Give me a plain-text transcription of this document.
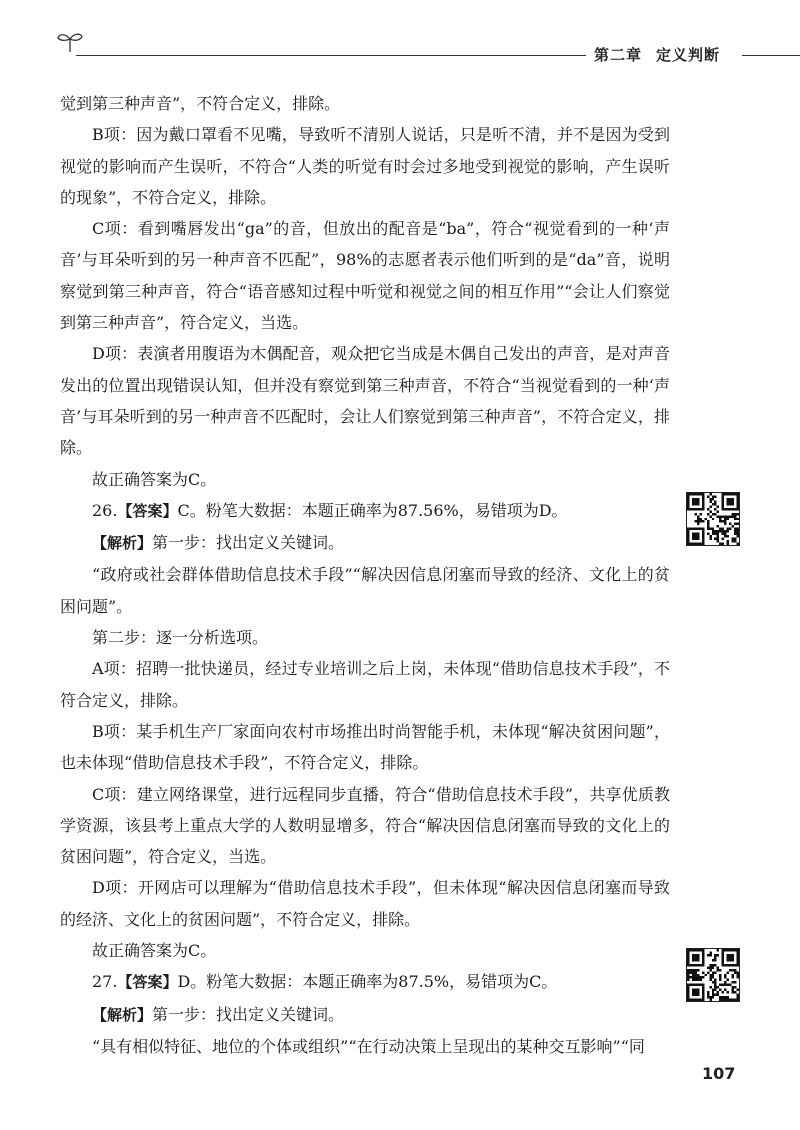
第二章 定义判断

觉到第三种声音”，不符合定义，排除。

B项：因为戴口罩看不见嘴，导致听不清别人说话，只是听不清，并不是因为受到视觉的影响而产生误听，不符合“人类的听觉有时会过多地受到视觉的影响，产生误听的现象”，不符合定义，排除。

C项：看到嘴唇发出“ga”的音，但放出的配音是“ba”，符合“视觉看到的一种‘声音’与耳朵听到的另一种声音不匹配”，98%的志愿者表示他们听到的是“da”音，说明察觉到第三种声音，符合“语音感知过程中听觉和视觉之间的相互作用”“会让人们察觉到第三种声音”，符合定义，当选。

D项：表演者用腹语为木偶配音，观众把它当成是木偶自己发出的声音，是对声音发出的位置出现错误认知，但并没有察觉到第三种声音，不符合“当视觉看到的一种‘声音’与耳朵听到的另一种声音不匹配时，会让人们察觉到第三种声音”，不符合定义，排除。

故正确答案为C。

26.【答案】C。粉笔大数据：本题正确率为87.56%，易错项为D。

【解析】第一步：找出定义关键词。

“政府或社会群体借助信息技术手段”“解决因信息闭塞而导致的经济、文化上的贫困问题”。

第二步：逐一分析选项。

A项：招聘一批快递员，经过专业培训之后上岗，未体现“借助信息技术手段”，不符合定义，排除。

B项：某手机生产厂家面向农村市场推出时尚智能手机，未体现“解决贫困问题”，也未体现“借助信息技术手段”，不符合定义，排除。

C项：建立网络课堂，进行远程同步直播，符合“借助信息技术手段”，共享优质教学资源，该县考上重点大学的人数明显增多，符合“解决因信息闭塞而导致的文化上的贫困问题”，符合定义，当选。

D项：开网店可以理解为“借助信息技术手段”，但未体现“解决因信息闭塞而导致的经济、文化上的贫困问题”，不符合定义，排除。

故正确答案为C。

27.【答案】D。粉笔大数据：本题正确率为87.5%，易错项为C。

【解析】第一步：找出定义关键词。

“具有相似特征、地位的个体或组织”“在行动决策上呈现出的某种交互影响”“同

107
